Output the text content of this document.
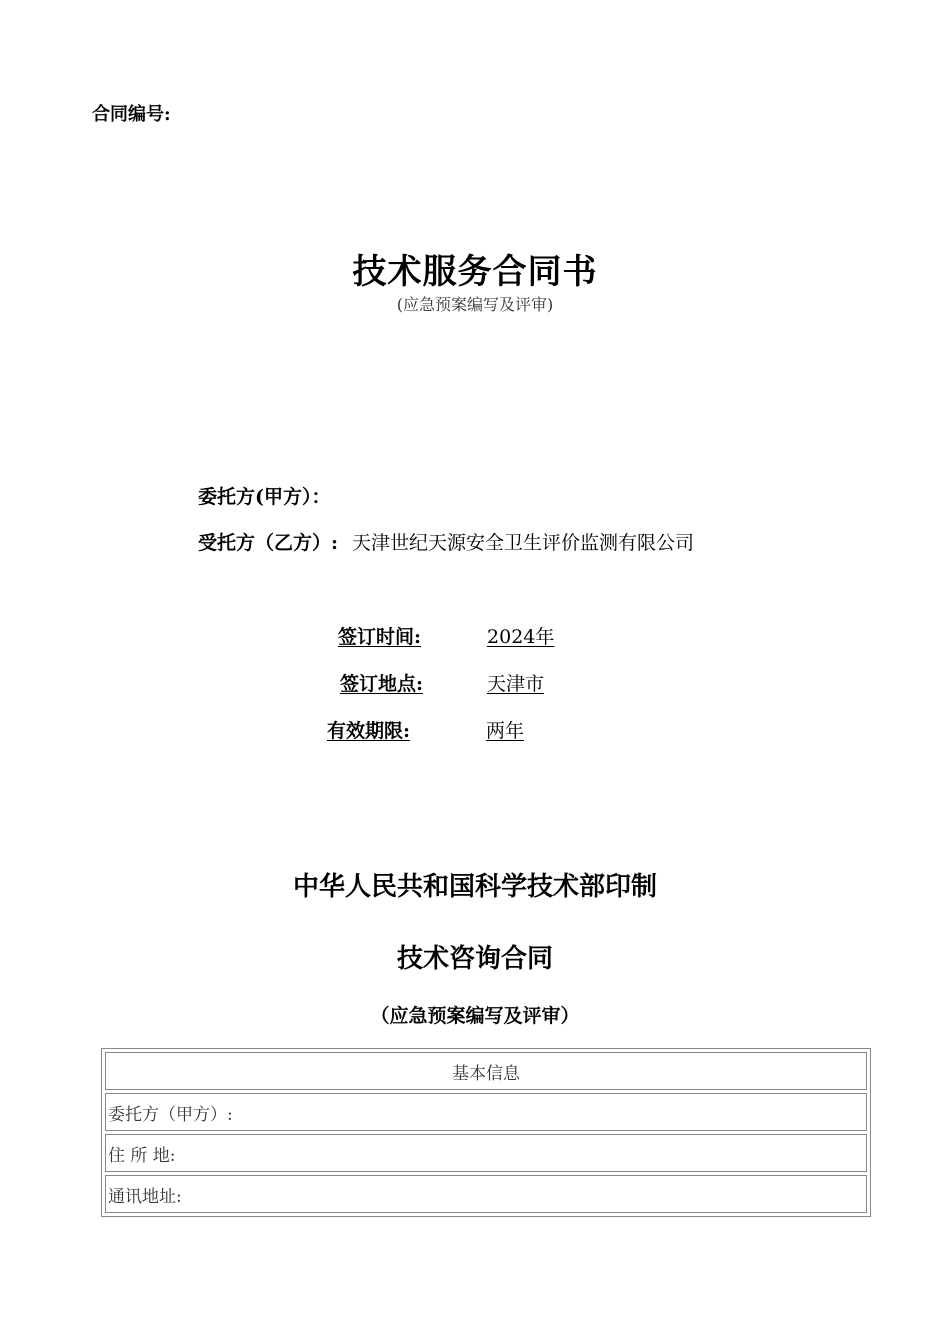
合同编号:
技术服务合同书
(应急预案编写及评审)
委托方(甲方）：
受托方（乙方）: 天津世纪天源安全卫生评价监测有限公司
签订时间:	2024年
签订地点:	天津市
有效期限:	两年
中华人民共和国科学技术部印制
技术咨询合同
（应急预案编写及评审）
基本信息
委托方（甲方）:
住 所 地:
通讯地址:
